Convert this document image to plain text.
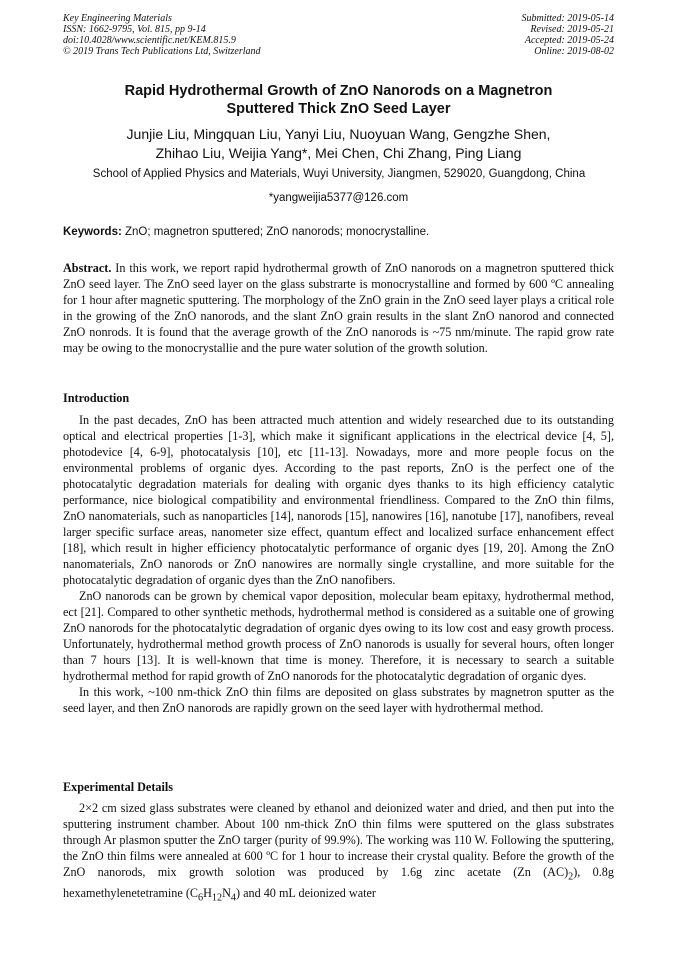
Key Engineering Materials
ISSN: 1662-9795, Vol. 815, pp 9-14
doi:10.4028/www.scientific.net/KEM.815.9
© 2019 Trans Tech Publications Ltd, Switzerland
Submitted: 2019-05-14
Revised: 2019-05-21
Accepted: 2019-05-24
Online: 2019-08-02
Rapid Hydrothermal Growth of ZnO Nanorods on a Magnetron
Sputtered Thick ZnO Seed Layer
Junjie Liu, Mingquan Liu, Yanyi Liu, Nuoyuan Wang, Gengzhe Shen,
Zhihao Liu, Weijia Yang*, Mei Chen, Chi Zhang, Ping Liang
School of Applied Physics and Materials, Wuyi University, Jiangmen, 529020, Guangdong, China
*yangweijia5377@126.com
Keywords: ZnO; magnetron sputtered; ZnO nanorods; monocrystalline.

Abstract. In this work, we report rapid hydrothermal growth of ZnO nanorods on a magnetron sputtered thick ZnO seed layer. The ZnO seed layer on the glass substrarte is monocrystalline and formed by 600 ºC annealing for 1 hour after magnetic sputtering. The morphology of the ZnO grain in the ZnO seed layer plays a critical role in the growing of the ZnO nanorods, and the slant ZnO grain results in the slant ZnO nanorod and connected ZnO nonrods. It is found that the average growth of the ZnO nanorods is ~75 nm/minute. The rapid grow rate may be owing to the monocrystallie and the pure water solution of the growth solution.

Introduction

In the past decades, ZnO has been attracted much attention and widely researched due to its outstanding optical and electrical properties [1-3], which make it significant applications in the electrical device [4, 5], photodevice [4, 6-9], photocatalysis [10], etc [11-13]. Nowadays, more and more people focus on the environmental problems of organic dyes. According to the past reports, ZnO is the perfect one of the photocatalytic degradation materials for dealing with organic dyes thanks to its high efficiency catalytic performance, nice biological compatibility and environmental friendliness. Compared to the ZnO thin films, ZnO nanomaterials, such as nanoparticles [14], nanorods [15], nanowires [16], nanotube [17], nanofibers, reveal larger specific surface areas, nanometer size effect, quantum effect and localized surface enhancement effect [18], which result in higher efficiency photocatalytic performance of organic dyes [19, 20]. Among the ZnO nanomaterials, ZnO nanorods or ZnO nanowires are normally single crystalline, and more suitable for the photocatalytic degradation of organic dyes than the ZnO nanofibers.

ZnO nanorods can be grown by chemical vapor deposition, molecular beam epitaxy, hydrothermal method, ect [21]. Compared to other synthetic methods, hydrothermal method is considered as a suitable one of growing ZnO nanorods for the photocatalytic degradation of organic dyes owing to its low cost and easy growth process. Unfortunately, hydrothermal method growth process of ZnO nanorods is usually for several hours, often longer than 7 hours [13]. It is well-known that time is money. Therefore, it is necessary to search a suitable hydrothermal method for rapid growth of ZnO nanorods for the photocatalytic degradation of organic dyes.

In this work, ~100 nm-thick ZnO thin films are deposited on glass substrates by magnetron sputter as the seed layer, and then ZnO nanorods are rapidly grown on the seed layer with hydrothermal method.

Experimental Details

2×2 cm sized glass substrates were cleaned by ethanol and deionized water and dried, and then put into the sputtering instrument chamber. About 100 nm-thick ZnO thin films were sputtered on the glass substrates through Ar plasmon sputter the ZnO targer (purity of 99.9%). The working was 110 W. Following the sputtering, the ZnO thin films were annealed at 600 ºC for 1 hour to increase their crystal quality. Before the growth of the ZnO nanorods, mix growth solotion was produced by 1.6g zinc acetate (Zn $(AC)_2$), 0.8g hexamethylenetetramine $(C_6H_{12}N_4)$ and 40 mL deionized water
